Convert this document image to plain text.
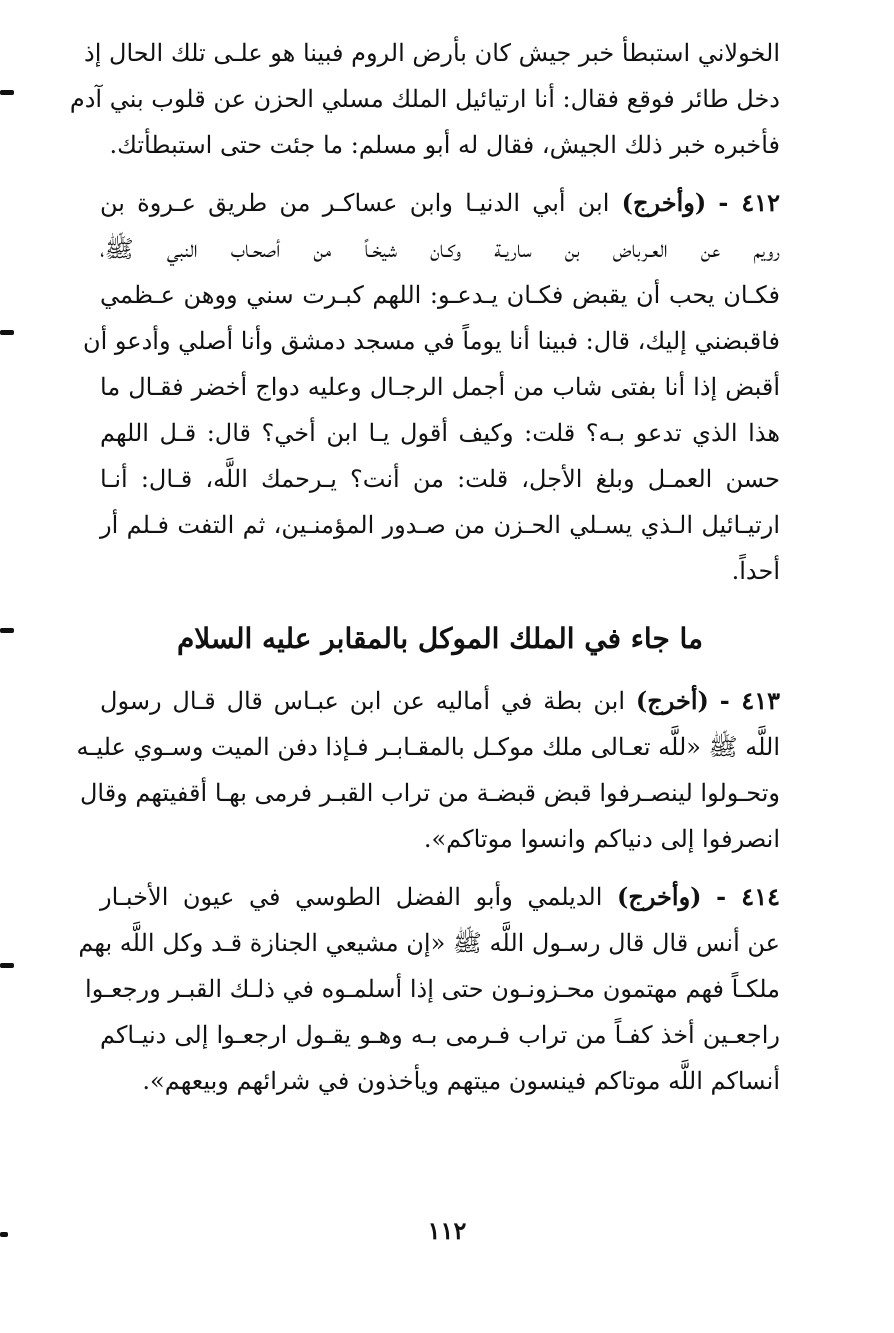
الخولاني استبطأ خبر جيش كان بأرض الروم فبينا هو علـى تلك الحال إذ
دخل طائر فوقع فقال: أنا ارتيائيل الملك مسلي الحزن عن قلوب بني آدم
فأخبره خبر ذلك الجيش، فقال له أبو مسلم: ما جئت حتى استبطأتك.

٤١٢ - (وأخرج) ابن أبي الدنيـا وابن عساكـر من طريق عـروة بن
رويم عن العـرباض بن ساريـة وكـان شيخـاً من أصحـاب النبي ﷺ،
فكـان يحب أن يقبض فكـان يـدعـو: اللهم كبـرت سني ووهن عـظمي
فاقبضني إليك، قال: فبينا أنا يوماً في مسجد دمشق وأنا أصلي وأدعو أن
أقبض إذا أنا بفتى شاب من أجمل الرجـال وعليه دواج أخضر فقـال ما
هذا الذي تدعو بـه؟ قلت: وكيف أقول يـا ابن أخي؟ قال: قـل اللهم
حسن العمـل وبلغ الأجل، قلت: من أنت؟ يـرحمك اللَّه، قـال: أنـا
ارتيـائيل الـذي يسـلي الحـزن من صـدور المؤمنـين، ثم التفت فـلم أر
أحداً.

ما جاء في الملك الموكل بالمقابر عليه السلام

٤١٣ - (أخرج) ابن بطة في أماليه عن ابن عبـاس قال قـال رسول
اللَّه ﷺ «للَّه تعـالى ملك موكـل بالمقـابـر فـإذا دفن الميت وسـوي عليـه
وتحـولوا لينصـرفوا قبض قبضـة من تراب القبـر فرمى بهـا أقفيتهم وقال
انصرفوا إلى دنياكم وانسوا موتاكم».

٤١٤ - (وأخرج) الديلمي وأبو الفضل الطوسي في عيون الأخبـار
عن أنس قال قال رسـول اللَّه ﷺ «إن مشيعي الجنازة قـد وكل اللَّه بهم
ملكـاً فهم مهتمون محـزونـون حتى إذا أسلمـوه في ذلـك القبـر ورجعـوا
راجعـين أخذ كفـاً من تراب فـرمى بـه وهـو يقـول ارجعـوا إلى دنيـاكم
أنساكم اللَّه موتاكم فينسون ميتهم ويأخذون في شرائهم وبيعهم».

١١٢
